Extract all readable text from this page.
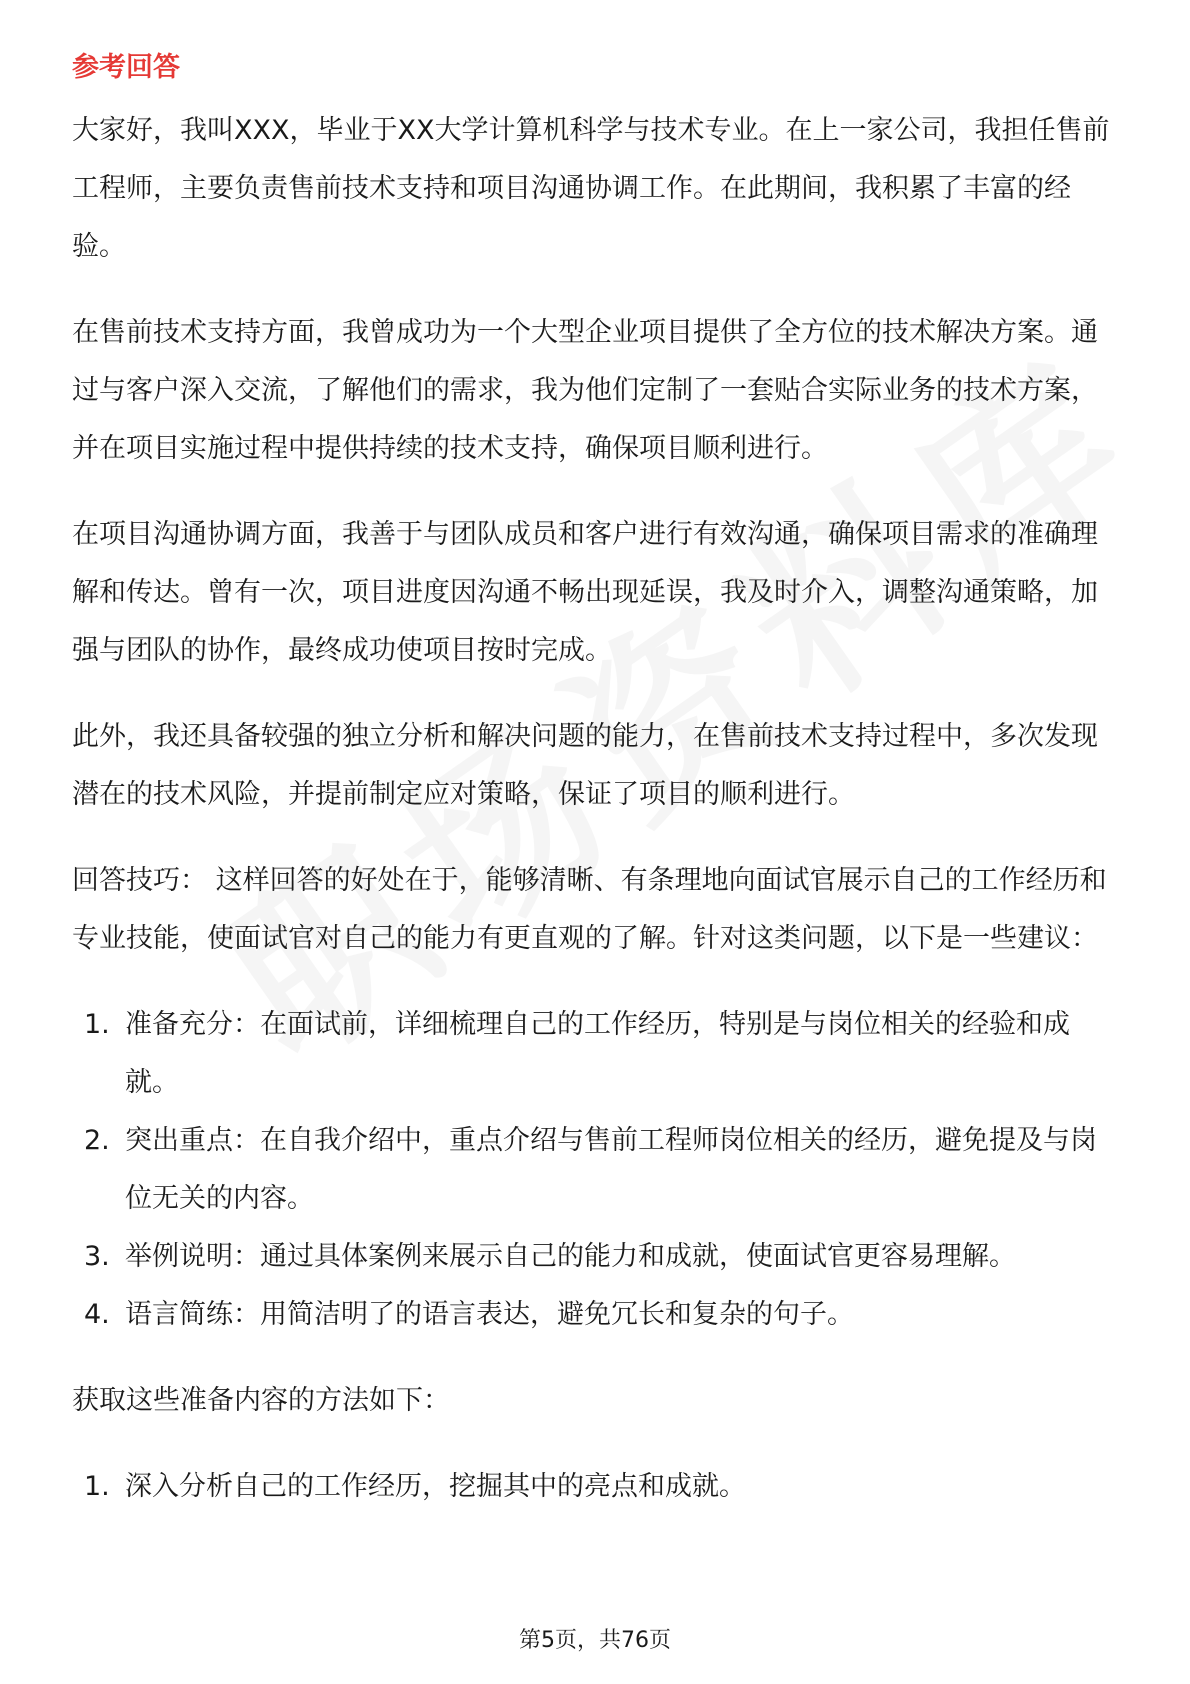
参考回答

大家好，我叫XXX，毕业于XX大学计算机科学与技术专业。在上一家公司，我担任售前工程师，主要负责售前技术支持和项目沟通协调工作。在此期间，我积累了丰富的经验。

在售前技术支持方面，我曾成功为一个大型企业项目提供了全方位的技术解决方案。通过与客户深入交流，了解他们的需求，我为他们定制了一套贴合实际业务的技术方案，并在项目实施过程中提供持续的技术支持，确保项目顺利进行。

在项目沟通协调方面，我善于与团队成员和客户进行有效沟通，确保项目需求的准确理解和传达。曾有一次，项目进度因沟通不畅出现延误，我及时介入，调整沟通策略，加强与团队的协作，最终成功使项目按时完成。

此外，我还具备较强的独立分析和解决问题的能力，在售前技术支持过程中，多次发现潜在的技术风险，并提前制定应对策略，保证了项目的顺利进行。

回答技巧： 这样回答的好处在于，能够清晰、有条理地向面试官展示自己的工作经历和专业技能，使面试官对自己的能力有更直观的了解。针对这类问题，以下是一些建议：

1. 准备充分：在面试前，详细梳理自己的工作经历，特别是与岗位相关的经验和成就。
2. 突出重点：在自我介绍中，重点介绍与售前工程师岗位相关的经历，避免提及与岗位无关的内容。
3. 举例说明：通过具体案例来展示自己的能力和成就，使面试官更容易理解。
4. 语言简练：用简洁明了的语言表达，避免冗长和复杂的句子。

获取这些准备内容的方法如下：

1. 深入分析自己的工作经历，挖掘其中的亮点和成就。
第5页，共76页
